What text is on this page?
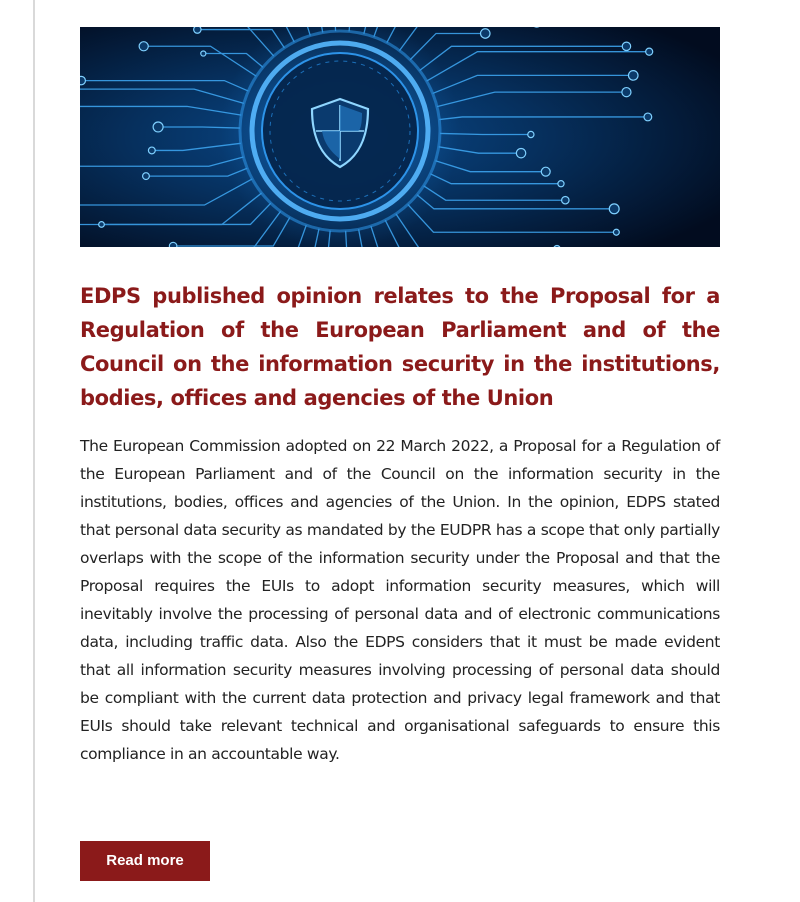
EDPS published opinion relates to the Proposal for a Regulation of the European Parliament and of the Council on the information security in the institutions, bodies, offices and agencies of the Union

The European Commission adopted on 22 March 2022, a Proposal for a Regulation of the European Parliament and of the Council on the information security in the institutions, bodies, offices and agencies of the Union. In the opinion, EDPS stated that personal data security as mandated by the EUDPR has a scope that only partially overlaps with the scope of the information security under the Proposal and that the Proposal requires the EUIs to adopt information security measures, which will inevitably involve the processing of personal data and of electronic communications data, including traffic data. Also the EDPS considers that it must be made evident that all information security measures involving processing of personal data should be compliant with the current data protection and privacy legal framework and that EUIs should take relevant technical and organisational safeguards to ensure this compliance in an accountable way.

Read more
